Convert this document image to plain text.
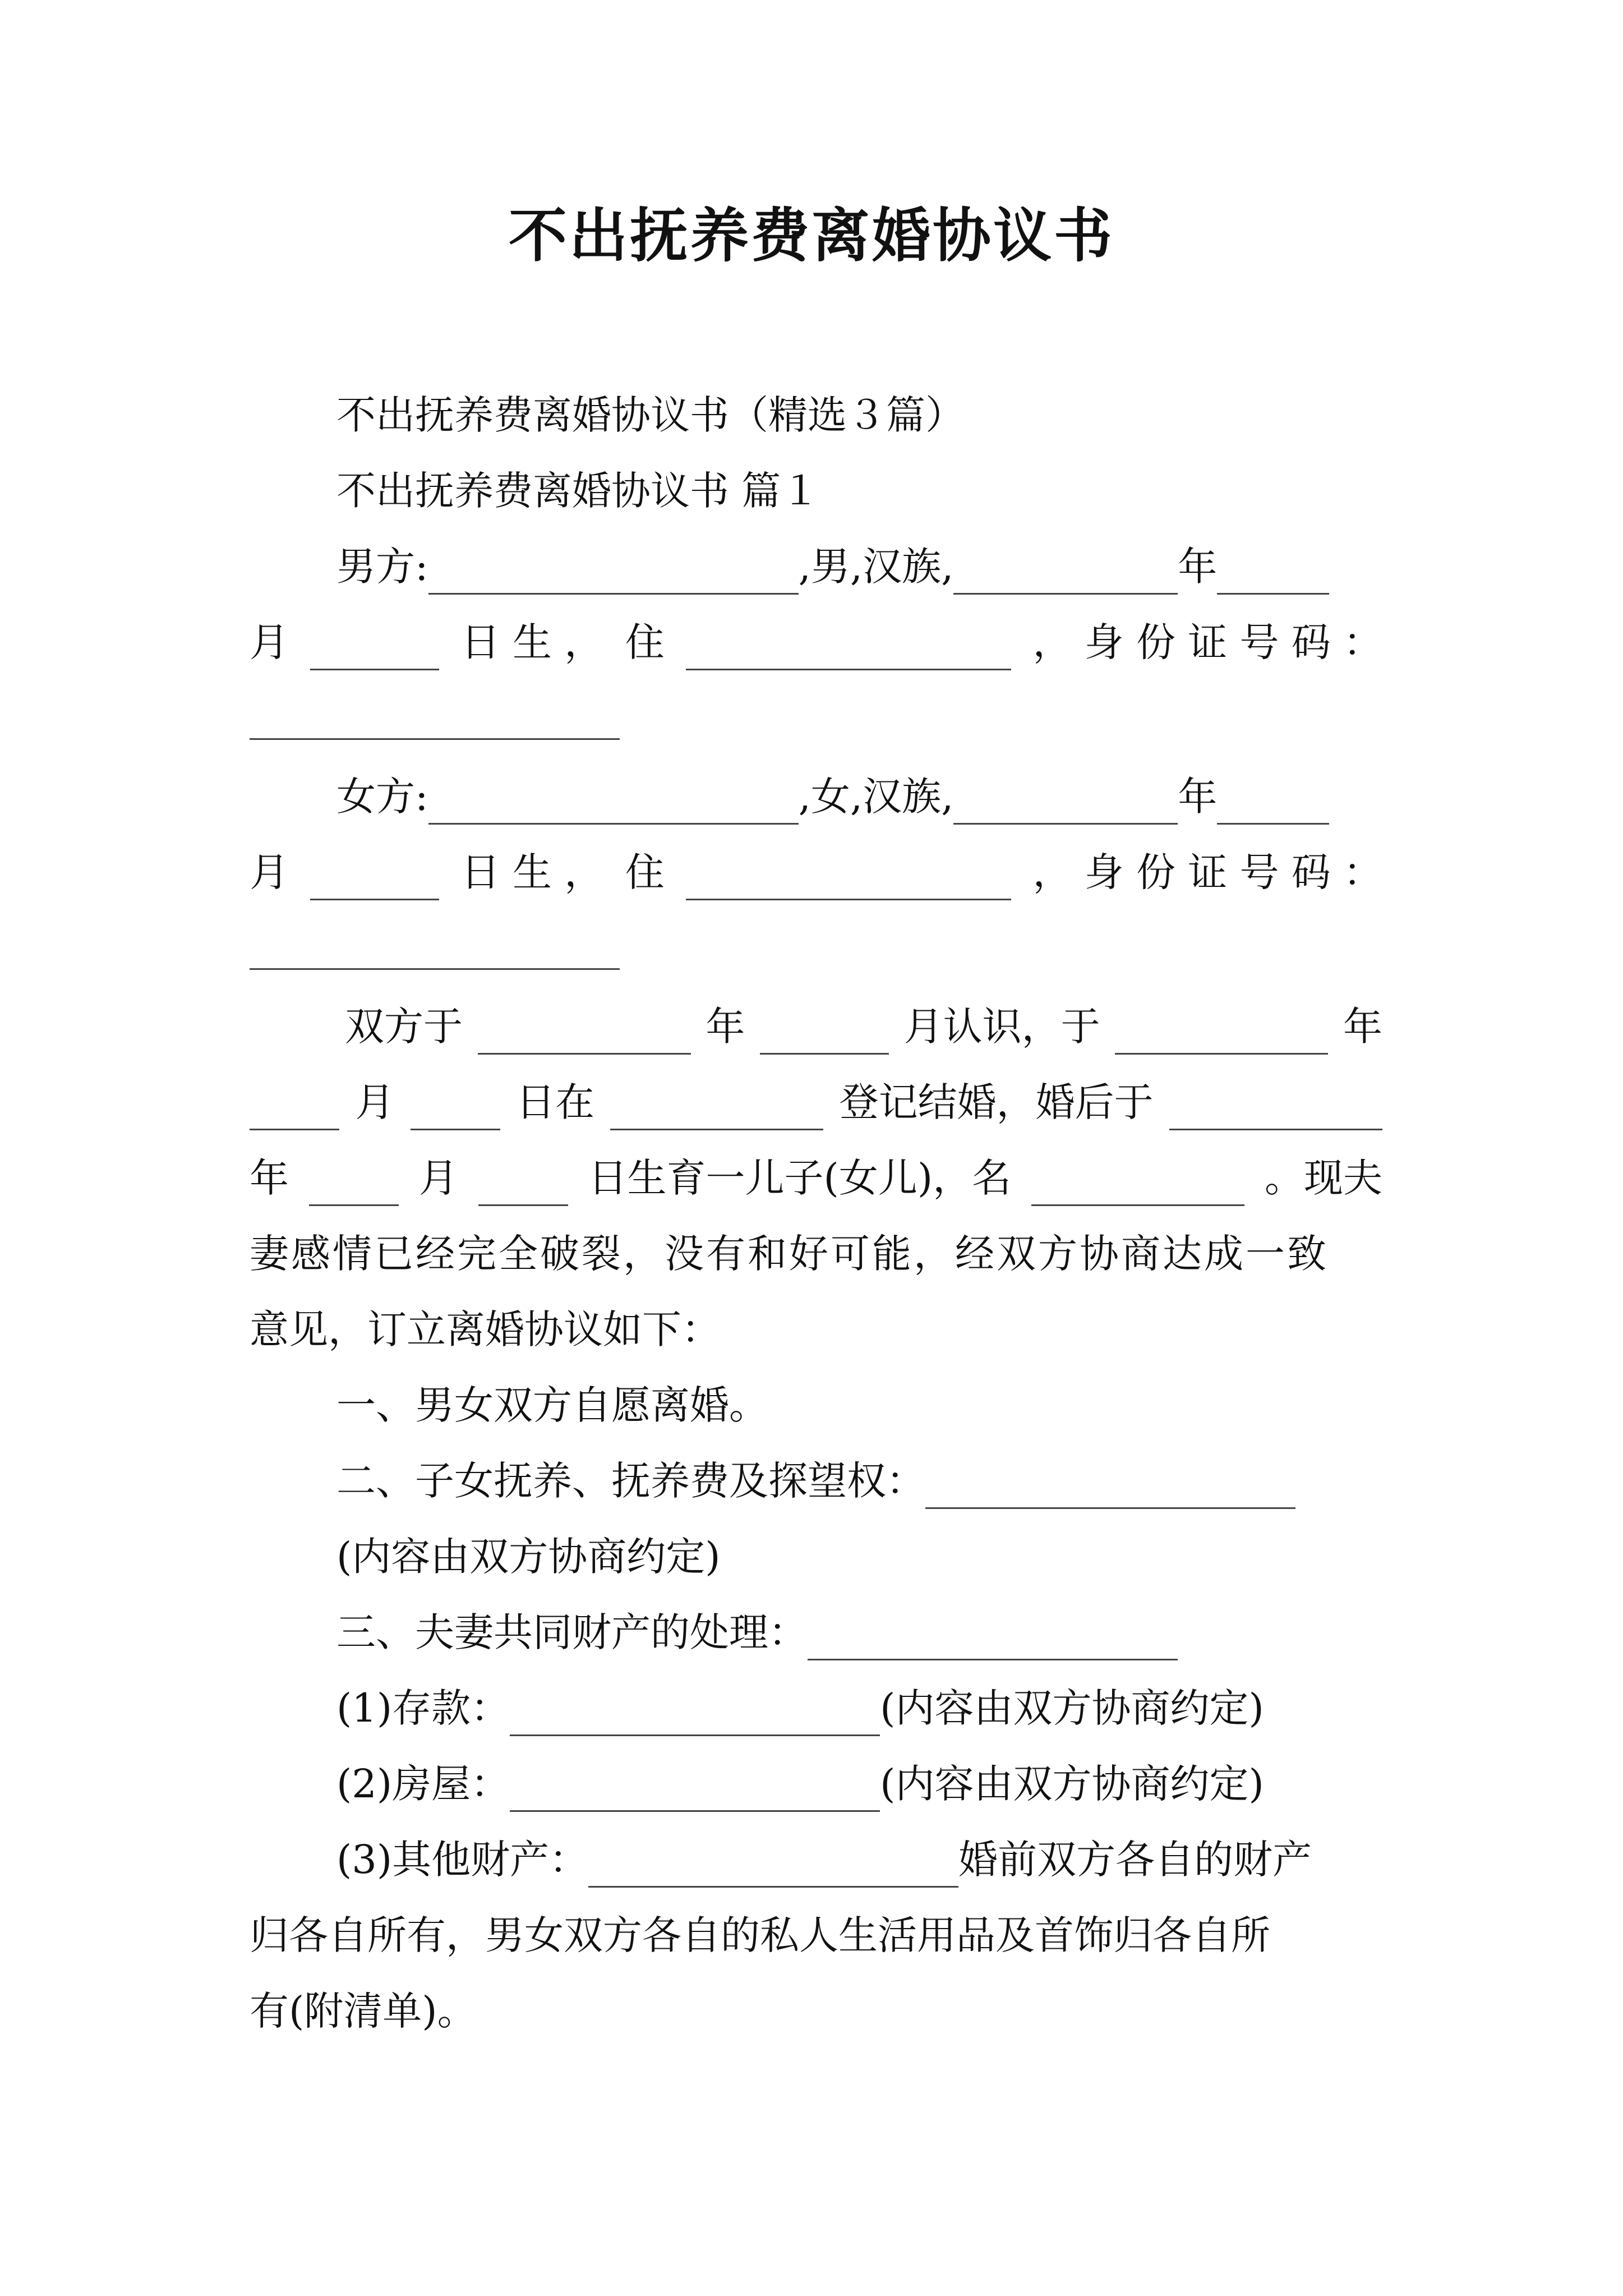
不出抚养费离婚协议书
不出抚养费离婚协议书（精选３篇）
不出抚养费离婚协议书 篇１
男方:	,男,汉族,	年
月	日 生 ， 住	， 身 份 证 号 码 ：
女方:	,女,汉族,	年
月	日 生 ， 住	， 身 份 证 号 码 ：
双方于	年	月认识，于	年
月	日在	登记结婚，婚后于
年	月	日生育一儿子(女儿)，名	。现夫
妻感情已经完全破裂，没有和好可能，经双方协商达成一致
意见，订立离婚协议如下：
一、男女双方自愿离婚。
二、子女抚养、抚养费及探望权：
(内容由双方协商约定)
三、夫妻共同财产的处理：
(1)存款：	(内容由双方协商约定)
(2)房屋：	(内容由双方协商约定)
(3)其他财产：	婚前双方各自的财产
归各自所有，男女双方各自的私人生活用品及首饰归各自所
有(附清单)。
